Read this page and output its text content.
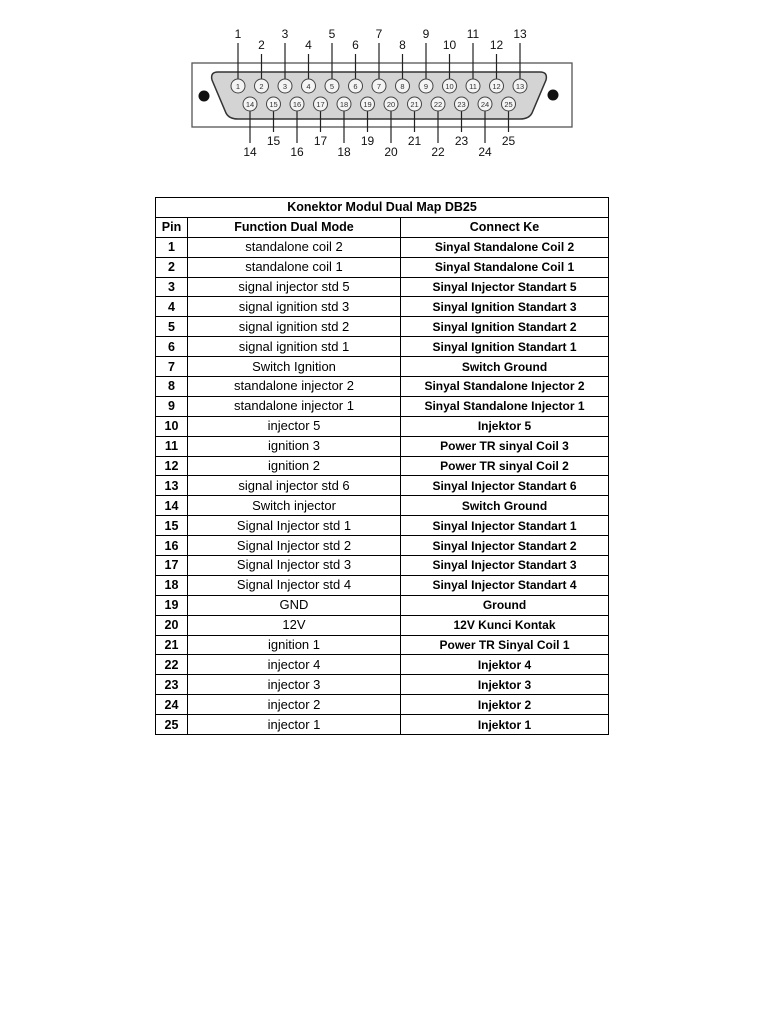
1
1
2
2
3
3
4
4
5
5
6
6
7
7
8
8
9
9
10
10
11
11
12
12
13
13
14
14
15
15
16
16
17
17
18
18
19
19
20
20
21
21
22
22
23
23
24
24
25
25
Konektor Modul Dual Map DB25		
Pin	Function Dual Mode	Connect Ke
1	standalone coil 2	Sinyal Standalone Coil 2
2	standalone coil 1	Sinyal Standalone Coil 1
3	signal injector std 5	Sinyal Injector Standart 5
4	signal ignition std 3	Sinyal Ignition Standart 3
5	signal ignition std 2	Sinyal Ignition Standart 2
6	signal ignition std 1	Sinyal Ignition Standart 1
7	Switch Ignition	Switch Ground
8	standalone injector 2	Sinyal Standalone Injector 2
9	standalone injector 1	Sinyal Standalone Injector 1
10	injector 5	Injektor 5
11	ignition 3	Power TR sinyal Coil 3
12	ignition 2	Power TR sinyal Coil 2
13	signal injector std 6	Sinyal Injector Standart 6
14	Switch injector	Switch Ground
15	Signal Injector std 1	Sinyal Injector Standart 1
16	Signal Injector std 2	Sinyal Injector Standart 2
17	Signal Injector std 3	Sinyal Injector Standart 3
18	Signal Injector std 4	Sinyal Injector Standart 4
19	GND	Ground
20	12V	12V Kunci Kontak
21	ignition 1	Power TR Sinyal Coil 1
22	injector 4	Injektor 4
23	injector 3	Injektor 3
24	injector 2	Injektor 2
25	injector 1	Injektor 1
